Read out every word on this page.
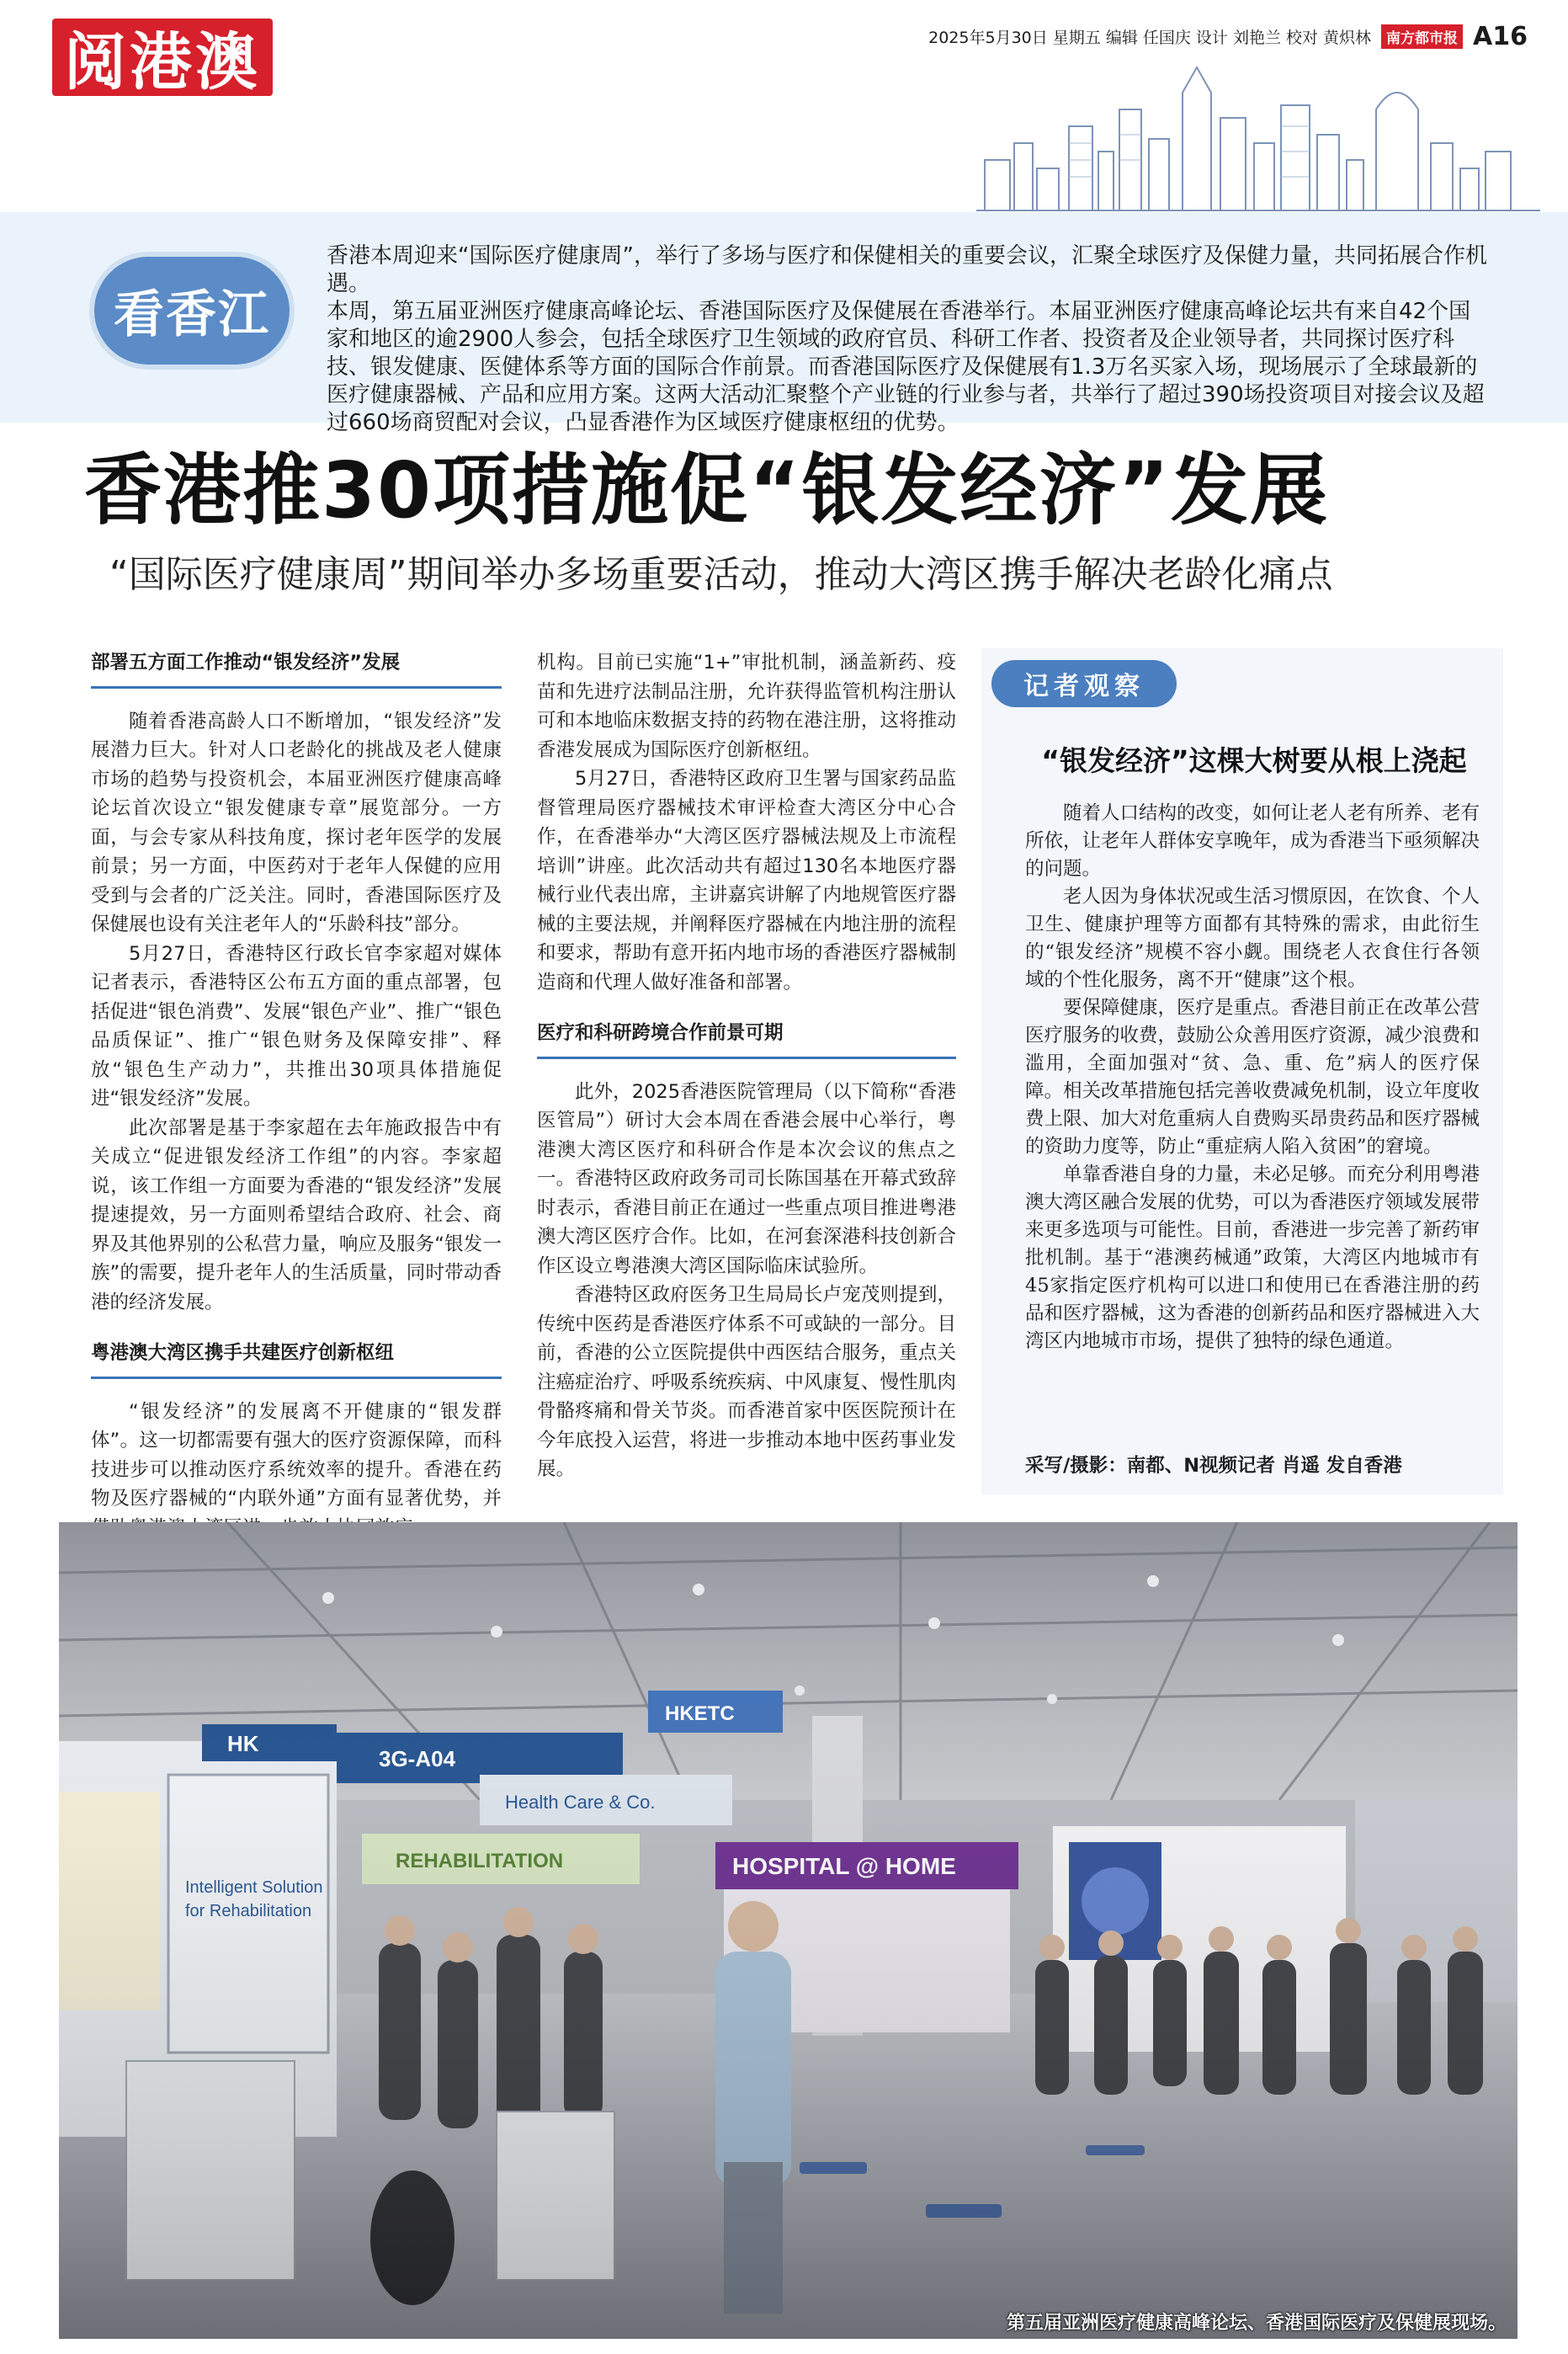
阅港澳	2025年5月30日 星期五 编辑 任国庆 设计 刘艳兰 校对 黄炽林	南方都市报 A16
看香江

香港本周迎来“国际医疗健康周”，举行了多场与医疗和保健相关的重要会议，汇聚全球医疗及保健力量，共同拓展合作机遇。

本周，第五届亚洲医疗健康高峰论坛、香港国际医疗及保健展在香港举行。本届亚洲医疗健康高峰论坛共有来自42个国家和地区的逾2900人参会，包括全球医疗卫生领域的政府官员、科研工作者、投资者及企业领导者，共同探讨医疗科技、银发健康、医健体系等方面的国际合作前景。而香港国际医疗及保健展有1.3万名买家入场，现场展示了全球最新的医疗健康器械、产品和应用方案。这两大活动汇聚整个产业链的行业参与者，共举行了超过390场投资项目对接会议及超过660场商贸配对会议，凸显香港作为区域医疗健康枢纽的优势。

香港推30项措施促“银发经济”发展
“国际医疗健康周”期间举办多场重要活动，推动大湾区携手解决老龄化痛点

部署五方面工作推动“银发经济”发展

随着香港高龄人口不断增加，“银发经济”发展潜力巨大。针对人口老龄化的挑战及老人健康市场的趋势与投资机会，本届亚洲医疗健康高峰论坛首次设立“银发健康专章”展览部分。一方面，与会专家从科技角度，探讨老年医学的发展前景；另一方面，中医药对于老年人保健的应用受到与会者的广泛关注。同时，香港国际医疗及保健展也设有关注老年人的“乐龄科技”部分。

5月27日，香港特区行政长官李家超对媒体记者表示，香港特区公布五方面的重点部署，包括促进“银色消费”、发展“银色产业”、推广“银色品质保证”、推广“银色财务及保障安排”、释放“银色生产动力”，共推出30项具体措施促进“银发经济”发展。

此次部署是基于李家超在去年施政报告中有关成立“促进银发经济工作组”的内容。李家超说，该工作组一方面要为香港的“银发经济”发展提速提效，另一方面则希望结合政府、社会、商界及其他界别的公私营力量，响应及服务“银发一族”的需要，提升老年人的生活质量，同时带动香港的经济发展。

粤港澳大湾区携手共建医疗创新枢纽

“银发经济”的发展离不开健康的“银发群体”。这一切都需要有强大的医疗资源保障，而科技进步可以推动医疗系统效率的提升。香港在药物及医疗器械的“内联外通”方面有显著优势，并

机构。目前已实施“1+”审批机制，涵盖新药、疫苗和先进疗法制品注册，允许获得监管机构注册认可和本地临床数据支持的药物在港注册，这将推动香港发展成为国际医疗创新枢纽。

5月27日，香港特区政府卫生署与国家药品监督管理局医疗器械技术审评检查大湾区分中心合作，在香港举办“大湾区医疗器械法规及上市流程培训”讲座。此次活动共有超过130名本地医疗器械行业代表出席，主讲嘉宾讲解了内地规管医疗器械的主要法规，并阐释医疗器械在内地注册的流程和要求，帮助有意开拓内地市场的香港医疗器械制造商和代理人做好准备和部署。

医疗和科研跨境合作前景可期

此外，2025香港医院管理局（以下简称“香港医管局”）研讨大会本周在香港会展中心举行，粤港澳大湾区医疗和科研合作是本次会议的焦点之一。香港特区政府政务司司长陈国基在开幕式致辞时表示，香港目前正在通过一些重点项目推进粤港澳大湾区医疗合作。比如，在河套深港科技创新合作区设立粤港澳大湾区国际临床试验所。

香港特区政府医务卫生局局长卢宠茂则提到，传统中医药是香港医疗体系不可或缺的一部分。目前，香港的公立医院提供中西医结合服务，重点关注癌症治疗、呼吸系统疾病、中风康复、慢性肌肉骨骼疼痛和骨关节炎。而香港首家中医医院预计在今年底投入运营，将进一步推动本地中医药事业发展。

记者观察
“银发经济”这棵大树要从根上浇起

随着人口结构的改变，如何让老人老有所养、老有所依，让老年人群体安享晚年，成为香港当下亟须解决的问题。

老人因为身体状况或生活习惯原因，在饮食、个人卫生、健康护理等方面都有其特殊的需求，由此衍生的“银发经济”规模不容小觑。围绕老人衣食住行各领域的个性化服务，离不开“健康”这个根。

要保障健康，医疗是重点。香港目前正在改革公营医疗服务的收费，鼓励公众善用医疗资源，减少浪费和滥用，全面加强对“贫、急、重、危”病人的医疗保障。相关改革措施包括完善收费减免机制，设立年度收费上限、加大对危重病人自费购买昂贵药品和医疗器械的资助力度等，防止“重症病人陷入贫困”的窘境。

单靠香港自身的力量，未必足够。而充分利用粤港澳大湾区融合发展的优势，可以为香港医疗领域发展带来更多选项与可能性。目前，香港进一步完善了新药审批机制。基于“港澳药械通”政策，大湾区内地城市有45家指定医疗机构可以进口和使用已在香港注册的药品和医疗器械，这为香港的创新药品和医疗器械进入大湾区内地城市市场，提供了独特的绿色通道。

采写/摄影：南都、N视频记者 肖遥 发自香港
第五届亚洲医疗健康高峰论坛、香港国际医疗及保健展现场。
